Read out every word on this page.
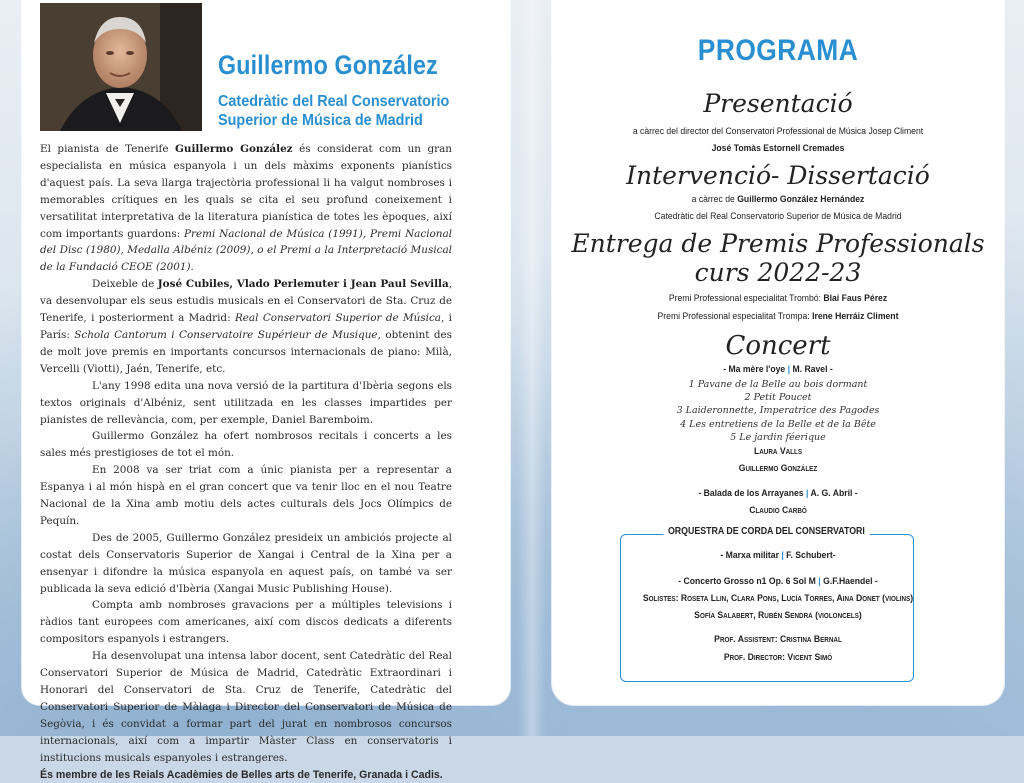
Guillermo González
Catedràtic del Real Conservatorio
Superior de Música de Madrid

El pianista de Tenerife Guillermo González és considerat com un gran especialista en música espanyola i un dels màxims exponents pianístics d'aquest país. La seva llarga trajectòria professional li ha valgut nombroses i memorables crítiques en les quals se cita el seu profund coneixement i versatilitat interpretativa de la literatura pianística de totes les èpoques, així com importants guardons: Premi Nacional de Música (1991), Premi Nacional del Disc (1980), Medalla Albéniz (2009), o el Premi a la Interpretació Musical de la Fundació CEOE (2001).

Deixeble de José Cubiles, Vlado Perlemuter i Jean Paul Sevilla, va desenvolupar els seus estudis musicals en el Conservatori de Sta. Cruz de Tenerife, i posteriorment a Madrid: Real Conservatori Superior de Música, i París: Schola Cantorum i Conservatoire Supérieur de Musique, obtenint des de molt jove premis en importants concursos internacionals de piano: Milà, Vercelli (Viotti), Jaén, Tenerife, etc.

L'any 1998 edita una nova versió de la partitura d'Ibèria segons els textos originals d'Albéniz, sent utilitzada en les classes impartides per pianistes de rellevància, com, per exemple, Daniel Baremboim.

Guillermo González ha ofert nombrosos recitals i concerts a les sales més prestigioses de tot el món.

En 2008 va ser triat com a únic pianista per a representar a Espanya i al món hispà en el gran concert que va tenir lloc en el nou Teatre Nacional de la Xina amb motiu dels actes culturals dels Jocs Olímpics de Pequín.

Des de 2005, Guillermo González presideix un ambiciós projecte al costat dels Conservatoris Superior de Xangai i Central de la Xina per a ensenyar i difondre la música espanyola en aquest país, on també va ser publicada la seva edició d'Ibèria (Xangai Music Publishing House).

Compta amb nombroses gravacions per a múltiples televisions i ràdios tant europees com americanes, així com discos dedicats a diferents compositors espanyols i estrangers.

Ha desenvolupat una intensa labor docent, sent Catedràtic del Real Conservatori Superior de Música de Madrid, Catedràtic Extraordinari i Honorari del Conservatori de Sta. Cruz de Tenerife, Catedràtic del Conservatori Superior de Màlaga i Director del Conservatori de Música de Segòvia, i és convidat a formar part del jurat en nombrosos concursos internacionals, així com a impartir Màster Class en conservatoris i institucions musicals espanyoles i estrangeres.

És membre de les Reials Acadèmies de Belles arts de Tenerife, Granada i Cadis.

PROGRAMA
Presentació
a càrrec del director del Conservatori Professional de Música Josep Climent
José Tomàs Estornell Cremades
Intervenció- Dissertació
a càrrec de Guillermo González Hernández
Catedràtic del Real Conservatorio Superior de Música de Madrid
Entrega de Premis Professionals
curs 2022-23
Premi Professional especialitat Trombó: Blai Faus Pérez
Premi Professional especialitat Trompa: Irene Herráiz Climent
Concert
- Ma mère l'oye | M. Ravel -
1 Pavane de la Belle au bois dormant
2 Petit Poucet
3 Laideronnette, Imperatrice des Pagodes
4 Les entretiens de la Belle et de la Bête
5 Le jardin féerique
Laura Valls
Guillermo González
- Balada de los Arrayanes | A. G. Abril -
Claudio Carbó
ORQUESTRA DE CORDA DEL CONSERVATORI
- Marxa militar | F. Schubert-
- Concerto Grosso n1 Op. 6 Sol M | G.F.Haendel -
Solistes: Roseta Llin, Clara Pons, Lucía Torres, Aina Donet (violins)
Sofía Salabert, Rubén Sendra (violoncels)
Prof. Assistent: Cristina Bernal
Prof. Director: Vicent Simó
